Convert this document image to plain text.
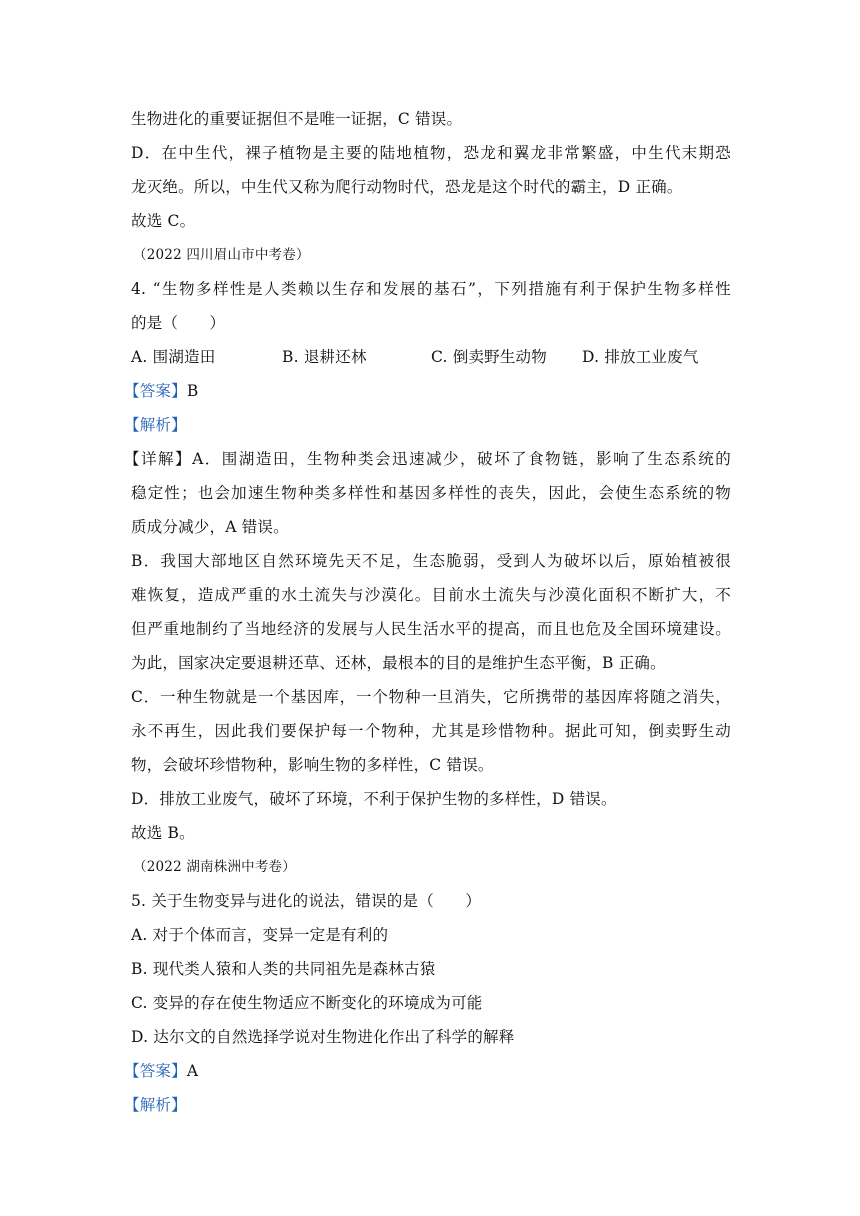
生物进化的重要证据但不是唯一证据，C 错误。
D．在中生代，裸子植物是主要的陆地植物，恐龙和翼龙非常繁盛，中生代末期恐
龙灭绝。所以，中生代又称为爬行动物时代，恐龙是这个时代的霸主，D 正确。
故选 C。
（2022 四川眉山市中考卷）
4. “生物多样性是人类赖以生存和发展的基石”，下列措施有利于保护生物多样性
的是（　　）
A. 围湖造田	B. 退耕还林	C. 倒卖野生动物	D. 排放工业废气
【答案】B
【解析】
【详解】A．围湖造田，生物种类会迅速减少，破坏了食物链，影响了生态系统的
稳定性；也会加速生物种类多样性和基因多样性的丧失，因此，会使生态系统的物
质成分减少，A 错误。
B．我国大部地区自然环境先天不足，生态脆弱，受到人为破坏以后，原始植被很
难恢复，造成严重的水土流失与沙漠化。目前水土流失与沙漠化面积不断扩大，不
但严重地制约了当地经济的发展与人民生活水平的提高，而且也危及全国环境建设。
为此，国家决定要退耕还草、还林，最根本的目的是维护生态平衡，B 正确。
C．一种生物就是一个基因库，一个物种一旦消失，它所携带的基因库将随之消失，
永不再生，因此我们要保护每一个物种，尤其是珍惜物种。据此可知，倒卖野生动
物，会破坏珍惜物种，影响生物的多样性，C 错误。
D．排放工业废气，破坏了环境，不利于保护生物的多样性，D 错误。
故选 B。
（2022 湖南株洲中考卷）
5. 关于生物变异与进化的说法，错误的是（　　）
A. 对于个体而言，变异一定是有利的
B. 现代类人猿和人类的共同祖先是森林古猿
C. 变异的存在使生物适应不断变化的环境成为可能
D. 达尔文的自然选择学说对生物进化作出了科学的解释
【答案】A
【解析】
